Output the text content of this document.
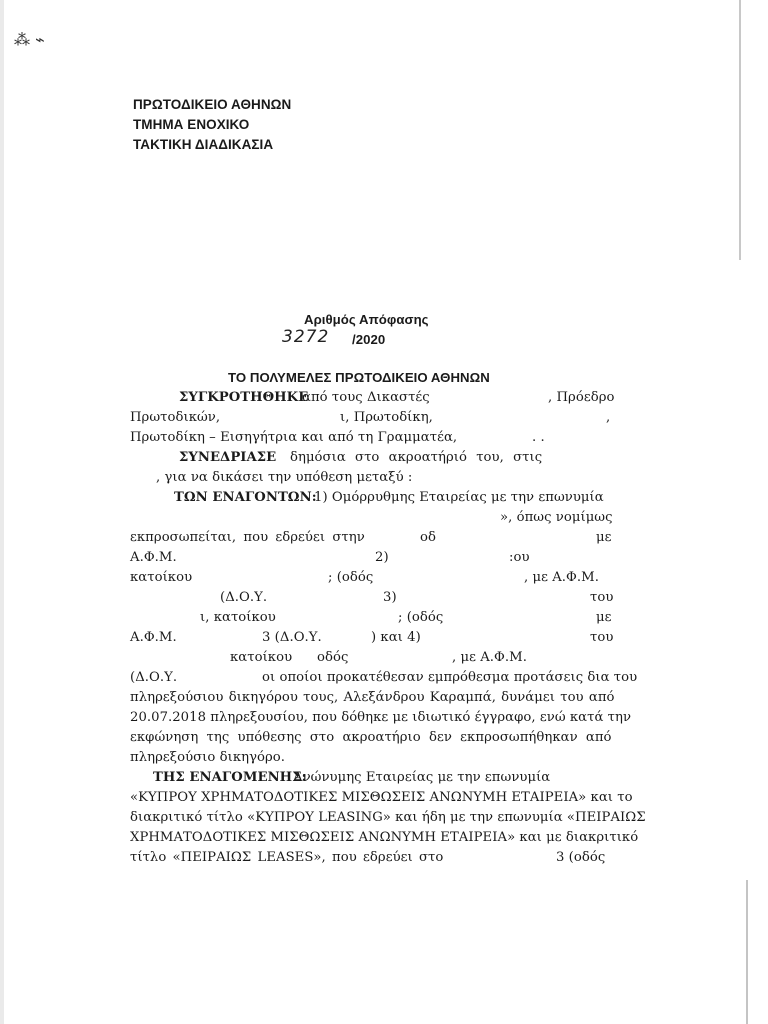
⁂ ⌁
ΠΡΩΤΟΔΙΚΕΙΟ ΑΘΗΝΩΝ
ΤΜΗΜΑ ΕΝΟΧΙΚΟ
ΤΑΚΤΙΚΗ ΔΙΑΔΙΚΑΣΙΑ
Αριθμός Απόφασης
3272 /2020
ΤΟ ΠΟΛΥΜΕΛΕΣ ΠΡΩΤΟΔΙΚΕΙΟ ΑΘΗΝΩΝ
ΣΥΓΚΡΟΤΗΘΗΚΕ
από τους Δικαστές	, Πρόεδρο
Πρωτοδικών,	ι, Πρωτοδίκη,	,
Πρωτοδίκη – Εισηγήτρια και από τη Γραμματέα,	. .
ΣΥΝΕΔΡΙΑΣΕ δημόσια στο ακροατήριό του, στις
, για να δικάσει την υπόθεση μεταξύ :
ΤΩΝ ΕΝΑΓΟΝΤΩΝ:
1) Ομόρρυθμης Εταιρείας με την επωνυμία
», όπως νομίμως
εκπροσωπείται, που εδρεύει στην	οδ	με
Α.Φ.Μ.	2)	:ου
κατοίκου	; (οδός	, με Α.Φ.Μ.
(Δ.Ο.Υ.	3)	του
ι, κατοίκου	; (οδός	με
Α.Φ.Μ.	3 (Δ.Ο.Υ.	) και 4)	του
κατοίκου οδός	, με Α.Φ.Μ.
(Δ.Ο.Υ.	οι οποίοι προκατέθεσαν εμπρόθεσμα προτάσεις δια του
πληρεξούσιου δικηγόρου τους, Αλεξάνδρου Καραμπά, δυνάμει του από
20.07.2018 πληρεξουσίου, που δόθηκε με ιδιωτικό έγγραφο, ενώ κατά την
εκφώνηση της υπόθεσης στο ακροατήριο δεν εκπροσωπήθηκαν από
πληρεξούσιο δικηγόρο.
ΤΗΣ ΕΝΑΓΟΜΕΝΗΣ:
Ανώνυμης Εταιρείας με την επωνυμία
«ΚΥΠΡΟΥ ΧΡΗΜΑΤΟΔΟΤΙΚΕΣ ΜΙΣΘΩΣΕΙΣ ΑΝΩΝΥΜΗ ΕΤΑΙΡΕΙΑ» και το
διακριτικό τίτλο «ΚΥΠΡΟΥ LEASING» και ήδη με την επωνυμία «ΠΕΙΡΑΙΩΣ
ΧΡΗΜΑΤΟΔΟΤΙΚΕΣ ΜΙΣΘΩΣΕΙΣ ΑΝΩΝΥΜΗ ΕΤΑΙΡΕΙΑ» και με διακριτικό
τίτλο «ΠΕΙΡΑΙΩΣ LEASES», που εδρεύει στο	3 (οδός
